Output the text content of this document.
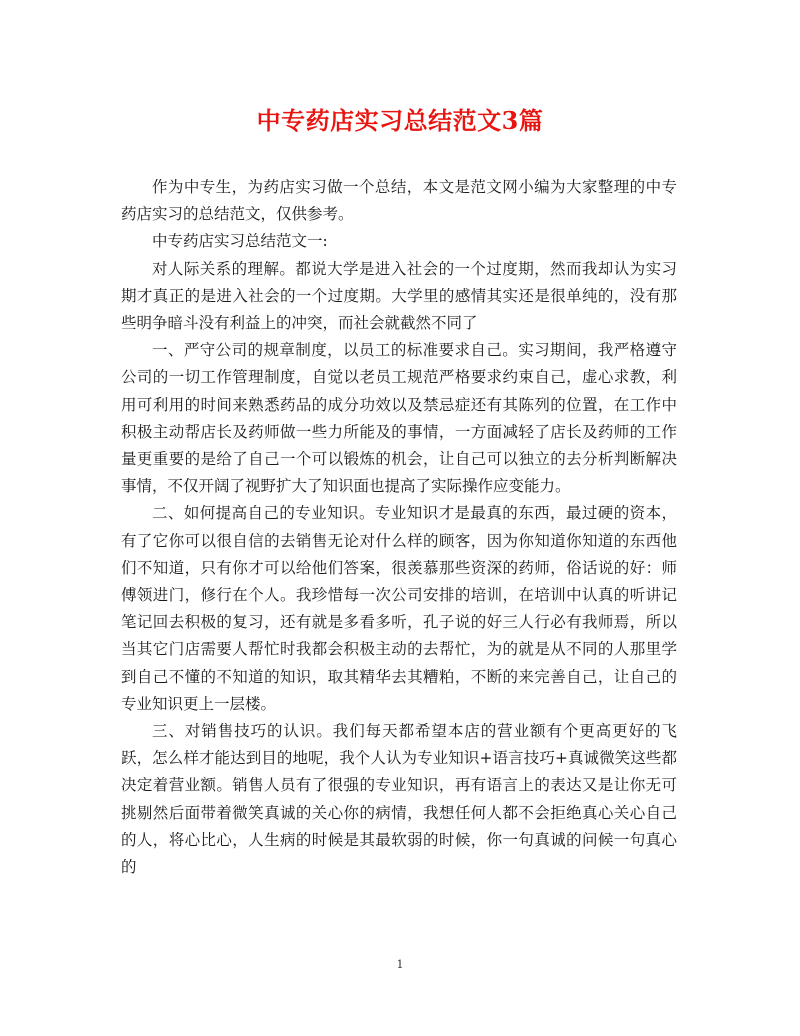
中专药店实习总结范文3篇

作为中专生，为药店实习做一个总结，本文是范文网小编为大家整理的中专药店实习的总结范文，仅供参考。

中专药店实习总结范文一:

对人际关系的理解。都说大学是进入社会的一个过度期，然而我却认为实习期才真正的是进入社会的一个过度期。大学里的感情其实还是很单纯的，没有那些明争暗斗没有利益上的冲突，而社会就截然不同了

一、严守公司的规章制度，以员工的标准要求自己。实习期间，我严格遵守公司的一切工作管理制度，自觉以老员工规范严格要求约束自己，虚心求教，利用可利用的时间来熟悉药品的成分功效以及禁忌症还有其陈列的位置，在工作中积极主动帮店长及药师做一些力所能及的事情，一方面减轻了店长及药师的工作量更重要的是给了自己一个可以锻炼的机会，让自己可以独立的去分析判断解决事情，不仅开阔了视野扩大了知识面也提高了实际操作应变能力。

二、如何提高自己的专业知识。专业知识才是最真的东西，最过硬的资本，有了它你可以很自信的去销售无论对什么样的顾客，因为你知道你知道的东西他们不知道，只有你才可以给他们答案，很羡慕那些资深的药师，俗话说的好：师傅领进门，修行在个人。我珍惜每一次公司安排的培训，在培训中认真的听讲记笔记回去积极的复习，还有就是多看多听，孔子说的好三人行必有我师焉，所以当其它门店需要人帮忙时我都会积极主动的去帮忙，为的就是从不同的人那里学到自己不懂的不知道的知识，取其精华去其糟粕，不断的来完善自己，让自己的专业知识更上一层楼。

三、对销售技巧的认识。我们每天都希望本店的营业额有个更高更好的飞跃，怎么样才能达到目的地呢，我个人认为专业知识+语言技巧+真诚微笑这些都决定着营业额。销售人员有了很强的专业知识，再有语言上的表达又是让你无可挑剔然后面带着微笑真诚的关心你的病情，我想任何人都不会拒绝真心关心自己的人，将心比心，人生病的时候是其最软弱的时候，你一句真诚的问候一句真心的

1
